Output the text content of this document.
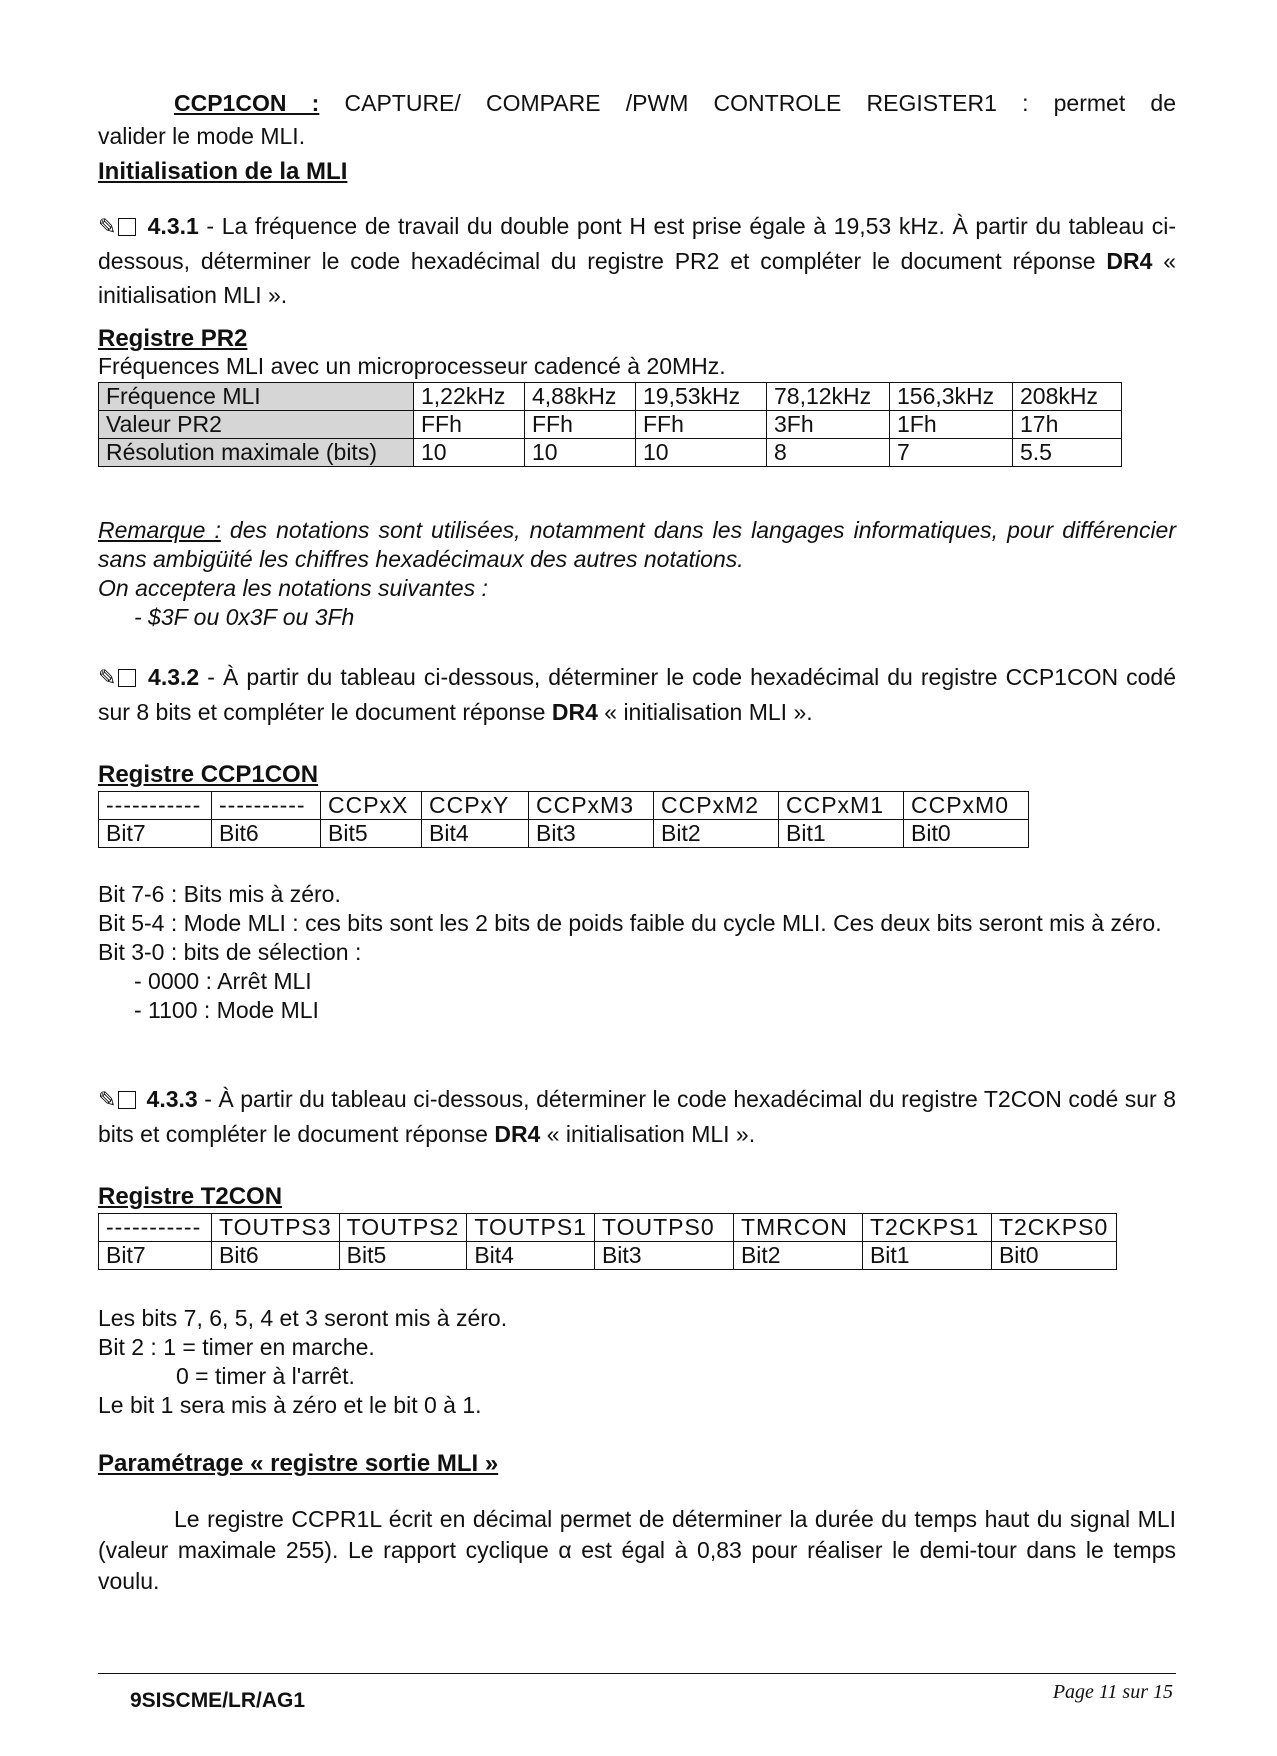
CCP1CON : CAPTURE/ COMPARE /PWM CONTROLE REGISTER1 : permet de

valider le mode MLI.

Initialisation de la MLI
✎ 4.3.1 - La fréquence de travail du double pont H est prise égale à 19,53 kHz. À partir du tableau ci-dessous, déterminer le code hexadécimal du registre PR2 et compléter le document réponse DR4 « initialisation MLI ».
Registre PR2
Fréquences MLI avec un microprocesseur cadencé à 20MHz.
Fréquence MLI	1,22kHz	4,88kHz	19,53kHz	78,12kHz	156,3kHz	208kHz
Valeur PR2	FFh	FFh	FFh	3Fh	1Fh	17h
Résolution maximale (bits)	10	10	10	8	7	5.5
Remarque : des notations sont utilisées, notamment dans les langages informatiques, pour différencier sans ambigüité les chiffres hexadécimaux des autres notations.

On acceptera les notations suivantes :

- $3F ou 0x3F ou 3Fh

✎ 4.3.2 - À partir du tableau ci-dessous, déterminer le code hexadécimal du registre CCP1CON codé sur 8 bits et compléter le document réponse DR4 « initialisation MLI ».
Registre CCP1CON
-----------	----------	CCPxX	CCPxY	CCPxM3	CCPxM2	CCPxM1	CCPxM0
Bit7	Bit6	Bit5	Bit4	Bit3	Bit2	Bit1	Bit0

Bit 7-6 : Bits mis à zéro.

Bit 5-4 : Mode MLI : ces bits sont les 2 bits de poids faible du cycle MLI. Ces deux bits seront mis à zéro.

Bit 3-0 : bits de sélection :

- 0000 : Arrêt MLI

- 1100 : Mode MLI

✎ 4.3.3 - À partir du tableau ci-dessous, déterminer le code hexadécimal du registre T2CON codé sur 8 bits et compléter le document réponse DR4 « initialisation MLI ».
Registre T2CON
-----------	TOUTPS3	TOUTPS2	TOUTPS1	TOUTPS0	TMRCON	T2CKPS1	T2CKPS0
Bit7	Bit6	Bit5	Bit4	Bit3	Bit2	Bit1	Bit0

Les bits 7, 6, 5, 4 et 3 seront mis à zéro.

Bit 2 : 1 = timer en marche.

0 = timer à l'arrêt.

Le bit 1 sera mis à zéro et le bit 0 à 1.

Paramétrage « registre sortie MLI »

Le registre CCPR1L écrit en décimal permet de déterminer la durée du temps haut du signal MLI (valeur maximale 255). Le rapport cyclique α est égal à 0,83 pour réaliser le demi-tour dans le temps voulu.

9SISCME/LR/AG1	Page 11 sur 15
